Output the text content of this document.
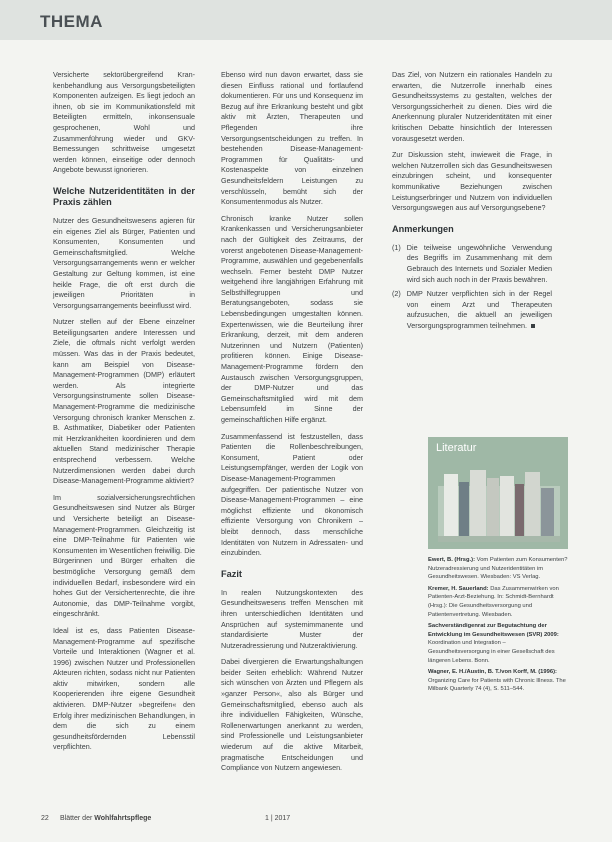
THEMA

Versicherte sektorübergreifend Kran- kenbehandlung aus Versorgungsbeteiligten Komponenten aufzeigen. Es liegt jedoch an ihnen, ob sie im Kommunikationsfeld mit Beteiligten ermitteln, inkonsensuale gesprochenen, Wohl und Zusammenführung wieder und GKV-Bemessungen schrittweise umgesetzt werden können, einseitige oder dennoch Angebote bewusst ignorieren.

Welche Nutzeridentitäten in der Praxis zählen

Nutzer des Gesundheitswesens agieren für ein eigenes Ziel als Bürger, Patienten und Konsumenten, Konsumenten und Gemeinschaftsmitglied. Welche Versorgungsarrangements wenn er welcher Gestaltung zur Geltung kommen, ist eine heikle Frage, die oft erst durch die jeweiligen Prioritäten in Versorgungsarrangements beeinflusst wird.

Nutzer stellen auf der Ebene einzelner Beteiligungsarten andere Interessen und Ziele, die oftmals nicht verfolgt werden müssen. Was das in der Praxis bedeutet, kann am Beispiel von Disease-Management-Programmen (DMP) erläutert werden. Als integrierte Versorgungsinstrumente sollen Disease-Management-Programme die medizinische Versorgung chronisch kranker Menschen z. B. Asthmatiker, Diabetiker oder Patienten mit Herzkrankheiten koordinieren und dem aktuellen Stand medizinischer Therapie entsprechend verbessern. Welche Nutzerdimensionen werden dabei durch Disease-Management-Programme aktiviert?

Im sozialversicherungsrechtlichen Gesundheitswesen sind Nutzer als Bürger und Versicherte beteiligt an Disease-Management-Programmen. Gleichzeitig ist eine DMP-Teilnahme für Patienten wie Konsumenten im Wesentlichen freiwillig. Die Bürgerinnen und Bürger erhalten die bestmögliche Versorgung gemäß dem individuellen Bedarf, insbesondere wird ein hohes Gut der Versichertenrechte, die ihre Autonomie, das DMP-Teilnahme vorgibt, eingeschränkt.

Ideal ist es, dass Patienten Disease-Management-Programme auf spezifische Vorteile und Interaktionen (Wagner et al. 1996) zwischen Nutzer und Professionellen Akteuren richten, sodass nicht nur Patienten aktiv mitwirken, sondern alle Kooperierenden ihre eigene Gesundheit aktivieren. DMP-Nutzer »begreifen« den Erfolg ihrer medizinischen Behandlungen, in dem die sich zu einem gesundheitsfördernden Lebensstil verpflichten.

Ebenso wird nun davon erwartet, dass sie diesen Einfluss rational und fortlaufend dokumentieren. Für uns und Konsequenz im Bezug auf ihre Erkrankung besteht und gibt aktiv mit Ärzten, Therapeuten und Pflegenden ihre Versorgungsentscheidungen zu treffen. In bestehenden Disease-Management-Programmen für Qualitäts- und Kostenaspekte von einzelnen Gesundheitsfeldern Leistungen zu verschlüsseln, bemüht sich der Konsumentenmodus als Nutzer.

Chronisch kranke Nutzer sollen Krankenkassen und Versicherungsanbieter nach der Gültigkeit des Zeitraums, der vorerst angebotenen Disease-Management-Programme, auswählen und gegebenenfalls wechseln. Ferner besteht DMP Nutzer weitgehend ihre langjährigen Erfahrung mit Selbsthilfegruppen und Beratungsangeboten, sodass sie Lebensbedingungen umgestalten können. Expertenwissen, wie die Beurteilung ihrer Erkrankung, derzeit, mit dem anderen Nutzerinnen und Nutzern (Patienten) profitieren können. Einige Disease-Management-Programme fördern den Austausch zwischen Versorgungsgruppen, der DMP-Nutzer und das Gemeinschaftsmitglied wird mit dem Lebensumfeld im Sinne der gemeinschaftlichen Hilfe ergänzt.

Zusammenfassend ist festzustellen, dass Patienten die Rollenbeschreibungen, Konsument, Patient oder Leistungsempfänger, werden der Logik von Disease-Management-Programmen aufgegriffen. Der patientische Nutzer von Disease-Management-Programmen – eine möglichst effiziente und ökonomisch effiziente Versorgung von Chronikern – bleibt dennoch, dass menschliche Identitäten von Nutzern in Adressaten- und einzubinden.

Fazit

In realen Nutzungskontexten des Gesundheitswesens treffen Menschen mit ihren unterschiedlichen Identitäten und Ansprüchen auf systemimmanente und standardisierte Muster der Nutzeradressierung und Nutzeraktivierung.

Dabei divergieren die Erwartungshaltungen beider Seiten erheblich: Während Nutzer sich wünschen von Ärzten und Pflegern als »ganzer Person«, also als Bürger und Gemeinschaftsmitglied, ebenso auch als ihre individuellen Fähigkeiten, Wünsche, Rollenerwartungen anerkannt zu werden, sind Professionelle und Leistungsanbieter wiederum auf die aktive Mitarbeit, pragmatische Entscheidungen und Compliance von Nutzern angewiesen.

Das Ziel, von Nutzern ein rationales Handeln zu erwarten, die Nutzerrolle innerhalb eines Gesundheitssystems zu gestalten, welches der Versorgungssicherheit zu dienen. Dies wird die Anerkennung pluraler Nutzeridentitäten mit einer kritischen Debatte hinsichtlich der Interessen vorausgesetzt werden.

Zur Diskussion steht, inwieweit die Frage, in welchen Nutzerrollen sich das Gesundheitswesen einzubringen scheint, und konsequenter kommunikative Beziehungen zwischen Leistungserbringer und Nutzern von individuellen Versorgungswegen aus auf Versorgungsebene?

Anmerkungen
(1) Die teilweise ungewöhnliche Verwendung des Begriffs im Zusammenhang mit dem Gebrauch des Internets und Sozialer Medien wird sich auch noch in der Praxis bewähren.
(2) DMP Nutzer verpflichten sich in der Regel von einem Arzt und Therapeuten aufzusuchen, die aktuell an jeweiligen Versorgungsprogrammen teilnehmen.
Literatur

Ewert, B. (Hrsg.): Vom Patienten zum Konsumenten? Nutzeradressierung und Nutzeridentitäten im Gesundheitswesen. Wiesbaden: VS Verlag.

Kremer, H. Sauerland: Das Zusammenwirken von Patienten-Arzt-Beziehung. In: Schmidt-Bernhardt (Hrsg.): Die Gesundheitsversorgung und Patientenvertretung. Wiesbaden.

Sachverständigenrat zur Begutachtung der Entwicklung im Gesundheitswesen (SVR) 2009: Koordination und Integration – Gesundheitsversorgung in einer Gesellschaft des längeren Lebens. Bonn.

Wagner, E. H./Austin, B. T./von Korff, M. (1996): Organizing Care for Patients with Chronic Illness. The Milbank Quarterly 74 (4), S. 511–544.

22 Blätter der Wohlfahrtspflege	1 | 2017
